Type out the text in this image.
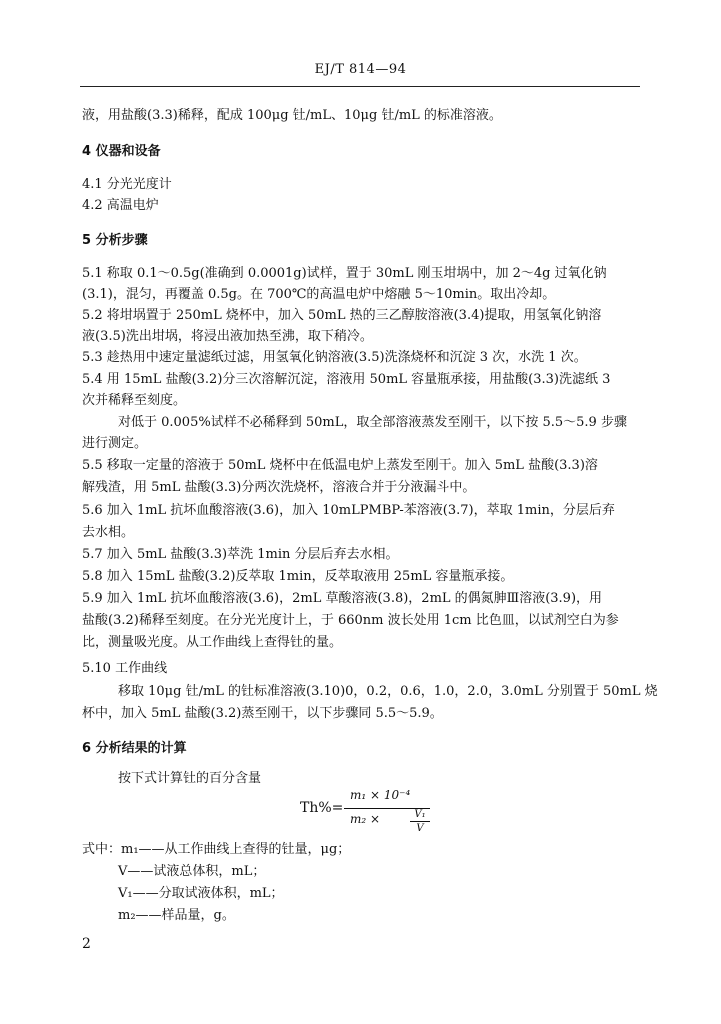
EJ/T 814—94
液，用盐酸(3.3)稀释，配成 100μg 钍/mL、10μg 钍/mL 的标准溶液。
4 仪器和设备
4.1 分光光度计
4.2 高温电炉
5 分析步骤
5.1 称取 0.1～0.5g(准确到 0.0001g)试样，置于 30mL 刚玉坩埚中，加 2～4g 过氧化钠
(3.1)，混匀，再覆盖 0.5g。在 700℃的高温电炉中熔融 5～10min。取出冷却。
5.2 将坩埚置于 250mL 烧杯中，加入 50mL 热的三乙醇胺溶液(3.4)提取，用氢氧化钠溶
液(3.5)洗出坩埚，将浸出液加热至沸，取下稍冷。
5.3 趁热用中速定量滤纸过滤，用氢氧化钠溶液(3.5)洗涤烧杯和沉淀 3 次，水洗 1 次。
5.4 用 15mL 盐酸(3.2)分三次溶解沉淀，溶液用 50mL 容量瓶承接，用盐酸(3.3)洗滤纸 3
次并稀释至刻度。
对低于 0.005%试样不必稀释到 50mL，取全部溶液蒸发至刚干，以下按 5.5～5.9 步骤
进行测定。
5.5 移取一定量的溶液于 50mL 烧杯中在低温电炉上蒸发至刚干。加入 5mL 盐酸(3.3)溶
解残渣，用 5mL 盐酸(3.3)分两次洗烧杯，溶液合并于分液漏斗中。
5.6 加入 1mL 抗坏血酸溶液(3.6)，加入 10mLPMBP-苯溶液(3.7)，萃取 1min，分层后弃
去水相。
5.7 加入 5mL 盐酸(3.3)萃洗 1min 分层后弃去水相。
5.8 加入 15mL 盐酸(3.2)反萃取 1min，反萃取液用 25mL 容量瓶承接。
5.9 加入 1mL 抗坏血酸溶液(3.6)，2mL 草酸溶液(3.8)，2mL 的偶氮胂Ⅲ溶液(3.9)，用
盐酸(3.2)稀释至刻度。在分光光度计上，于 660nm 波长处用 1cm 比色皿，以试剂空白为参
比，测量吸光度。从工作曲线上查得钍的量。
5.10 工作曲线
移取 10μg 钍/mL 的钍标准溶液(3.10)0，0.2，0.6，1.0，2.0，3.0mL 分别置于 50mL 烧
杯中，加入 5mL 盐酸(3.2)蒸至刚干，以下步骤同 5.5～5.9。
6 分析结果的计算
按下式计算钍的百分含量
Th%=
m₁ × 10⁻⁴
m₂ ×	V₁
V
式中：m₁——从工作曲线上查得的钍量，μg；
V——试液总体积，mL；
V₁——分取试液体积，mL；
m₂——样品量，g。
2
